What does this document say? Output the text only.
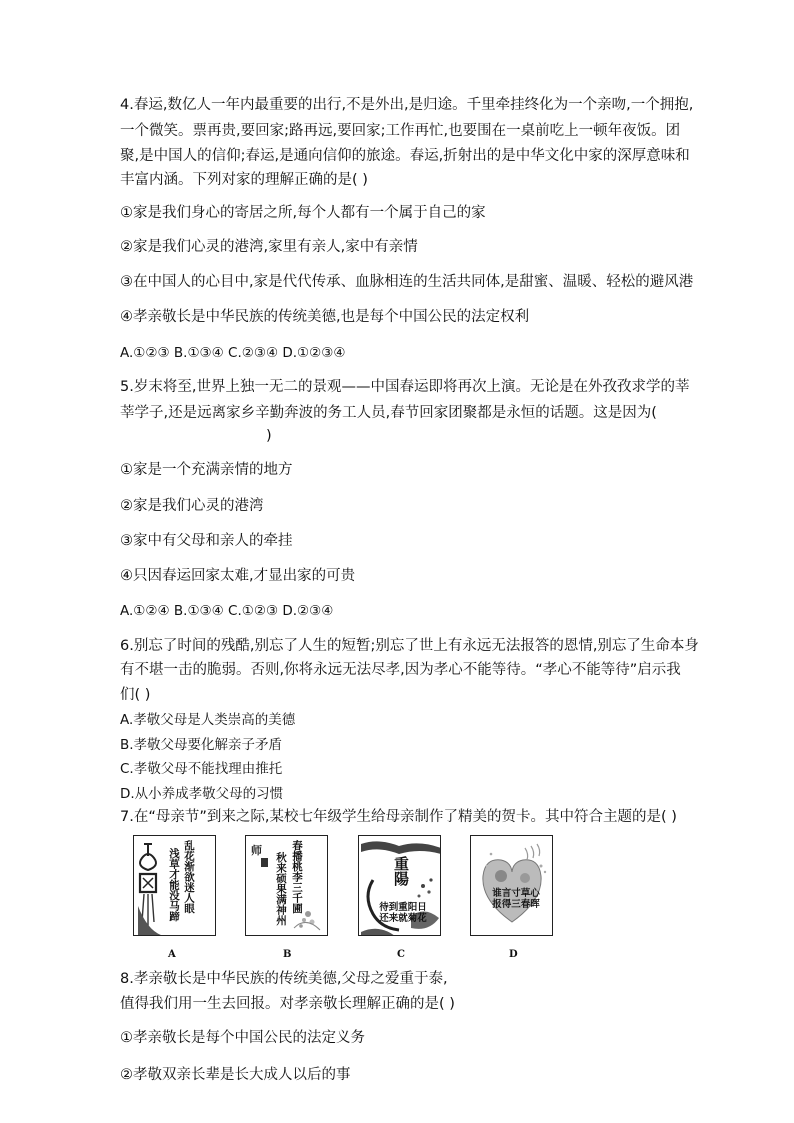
4.春运,数亿人一年内最重要的出行,不是外出,是归途。千里牵挂终化为一个亲吻,一个拥抱,
一个微笑。票再贵,要回家;路再远,要回家;工作再忙,也要围在一桌前吃上一顿年夜饭。团
聚,是中国人的信仰;春运,是通向信仰的旅途。春运,折射出的是中华文化中家的深厚意味和
丰富内涵。下列对家的理解正确的是( )
①家是我们身心的寄居之所,每个人都有一个属于自己的家
②家是我们心灵的港湾,家里有亲人,家中有亲情
③在中国人的心目中,家是代代传承、血脉相连的生活共同体,是甜蜜、温暖、轻松的避风港
④孝亲敬长是中华民族的传统美德,也是每个中国公民的法定权利
A.①②③ B.①③④ C.②③④ D.①②③④
5.岁末将至,世界上独一无二的景观——中国春运即将再次上演。无论是在外孜孜求学的莘
莘学子,还是远离家乡辛勤奔波的务工人员,春节回家团聚都是永恒的话题。这是因为(
)
①家是一个充满亲情的地方
②家是我们心灵的港湾
③家中有父母和亲人的牵挂
④只因春运回家太难,才显出家的可贵
A.①②④ B.①③④ C.①②③ D.②③④
6.别忘了时间的残酷,别忘了人生的短暂;别忘了世上有永远无法报答的恩情,别忘了生命本身
有不堪一击的脆弱。否则,你将永远无法尽孝,因为孝心不能等待。“孝心不能等待”启示我
们( )
A.孝敬父母是人类崇高的美德
B.孝敬父母要化解亲子矛盾
C.孝敬父母不能找理由推托
D.从小养成孝敬父母的习惯
7.在“母亲节”到来之际,某校七年级学生给母亲制作了精美的贺卡。其中符合主题的是( )
乱花渐欲迷人眼
浅草才能没马蹄	师	春播桃李三千圃
秋来硕果满神州	重陽
待到重阳日
还来就菊花
谁言寸草心
报得三春晖
A	B	C	D
8.孝亲敬长是中华民族的传统美德,父母之爱重于泰,
值得我们用一生去回报。对孝亲敬长理解正确的是( )
①孝亲敬长是每个中国公民的法定义务
②孝敬双亲长辈是长大成人以后的事
